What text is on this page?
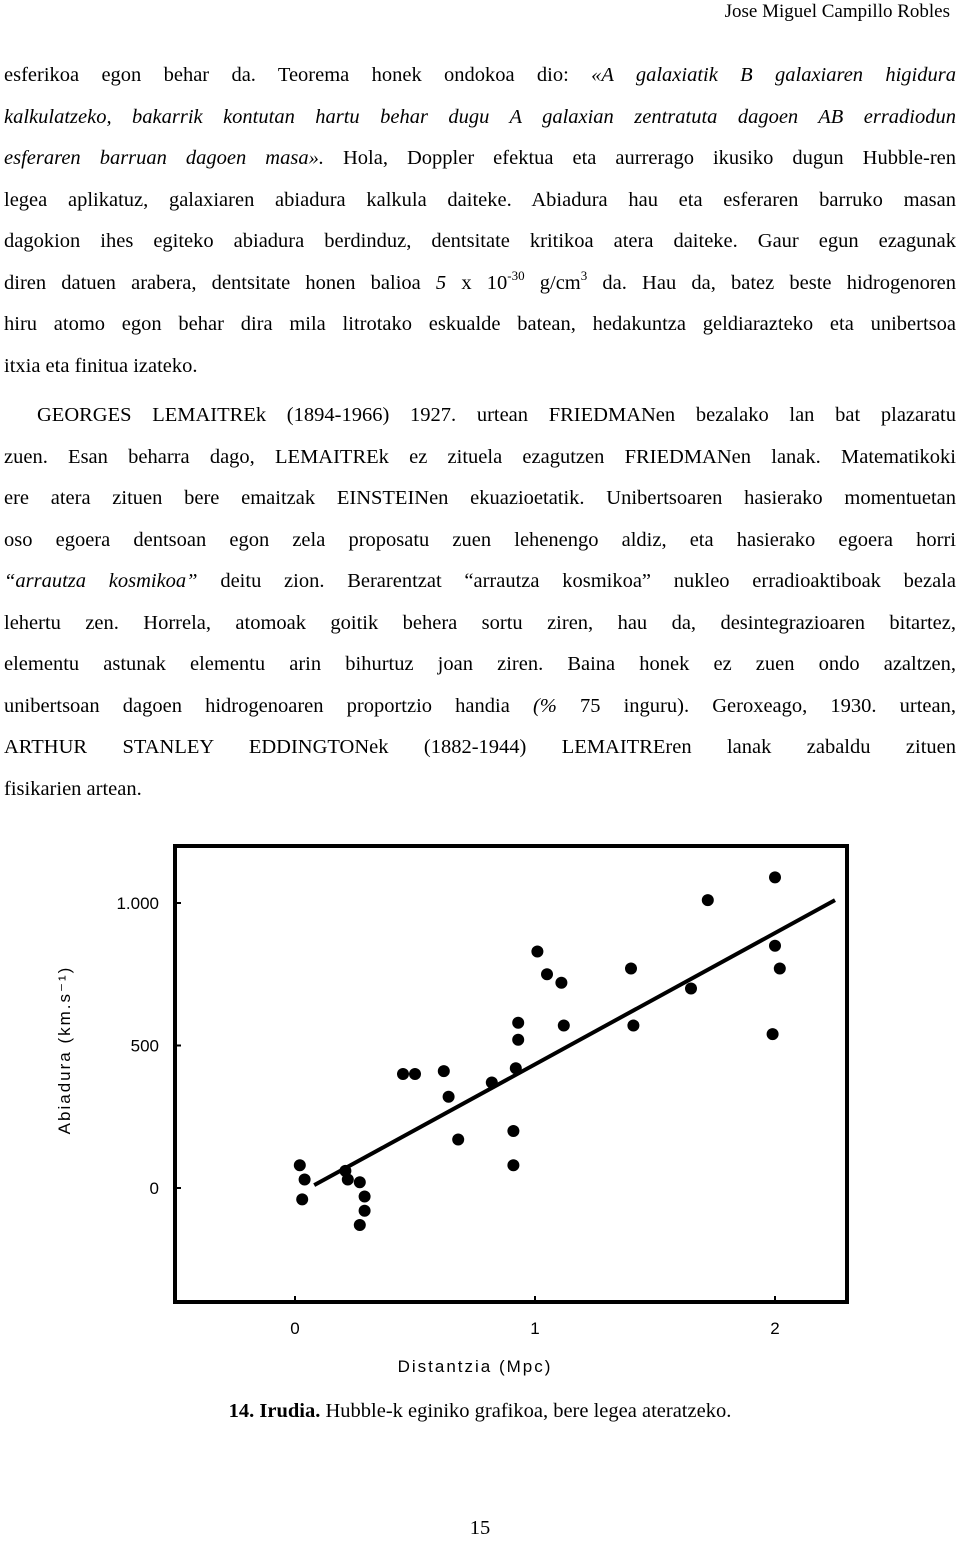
Jose Miguel Campillo Robles
esferikoa egon behar da. Teorema honek ondokoa dio: «A galaxiatik B galaxiaren higidura
kalkulatzeko, bakarrik kontutan hartu behar dugu A galaxian zentratuta dagoen AB erradiodun
esferaren barruan dagoen masa». Hola, Doppler efektua eta aurrerago ikusiko dugun Hubble-ren
legea aplikatuz, galaxiaren abiadura kalkula daiteke. Abiadura hau eta esferaren barruko masan
dagokion ihes egiteko abiadura berdinduz, dentsitate kritikoa atera daiteke. Gaur egun ezagunak
diren datuen arabera, dentsitate honen balioa 5 x $10^{-30}$ $g/cm^3$ da. Hau da, batez beste hidrogenoren
hiru atomo egon behar dira mila litrotako eskualde batean, hedakuntza geldiarazteko eta unibertsoa
itxia eta finitua izateko.
GEORGES LEMAITREk (1894-1966) 1927. urtean FRIEDMANen bezalako lan bat plazaratu
zuen. Esan beharra dago, LEMAITREk ez zituela ezagutzen FRIEDMANen lanak. Matematikoki
ere atera zituen bere emaitzak EINSTEINen ekuazioetatik. Unibertsoaren hasierako momentuetan
oso egoera dentsoan egon zela proposatu zuen lehenengo aldiz, eta hasierako egoera horri
“arrautza kosmikoa” deitu zion. Berarentzat “arrautza kosmikoa” nukleo erradioaktiboak bezala
lehertu zen. Horrela, atomoak goitik behera sortu ziren, hau da, desintegrazioaren bitartez,
elementu astunak elementu arin bihurtuz joan ziren. Baina honek ez zuen ondo azaltzen,
unibertsoan dagoen hidrogenoaren proportzio handia (% 75 inguru). Geroxeago, 1930. urtean,
ARTHUR STANLEY EDDINGTONek (1882-1944) LEMAITREren lanak zabaldu zituen
fisikarien artean.
0	1	2
0
500
1.000
Distantzia (Mpc)
Abiadura (km.s⁻¹)
14. Irudia. Hubble-k eginiko grafikoa, bere legea ateratzeko.
15
